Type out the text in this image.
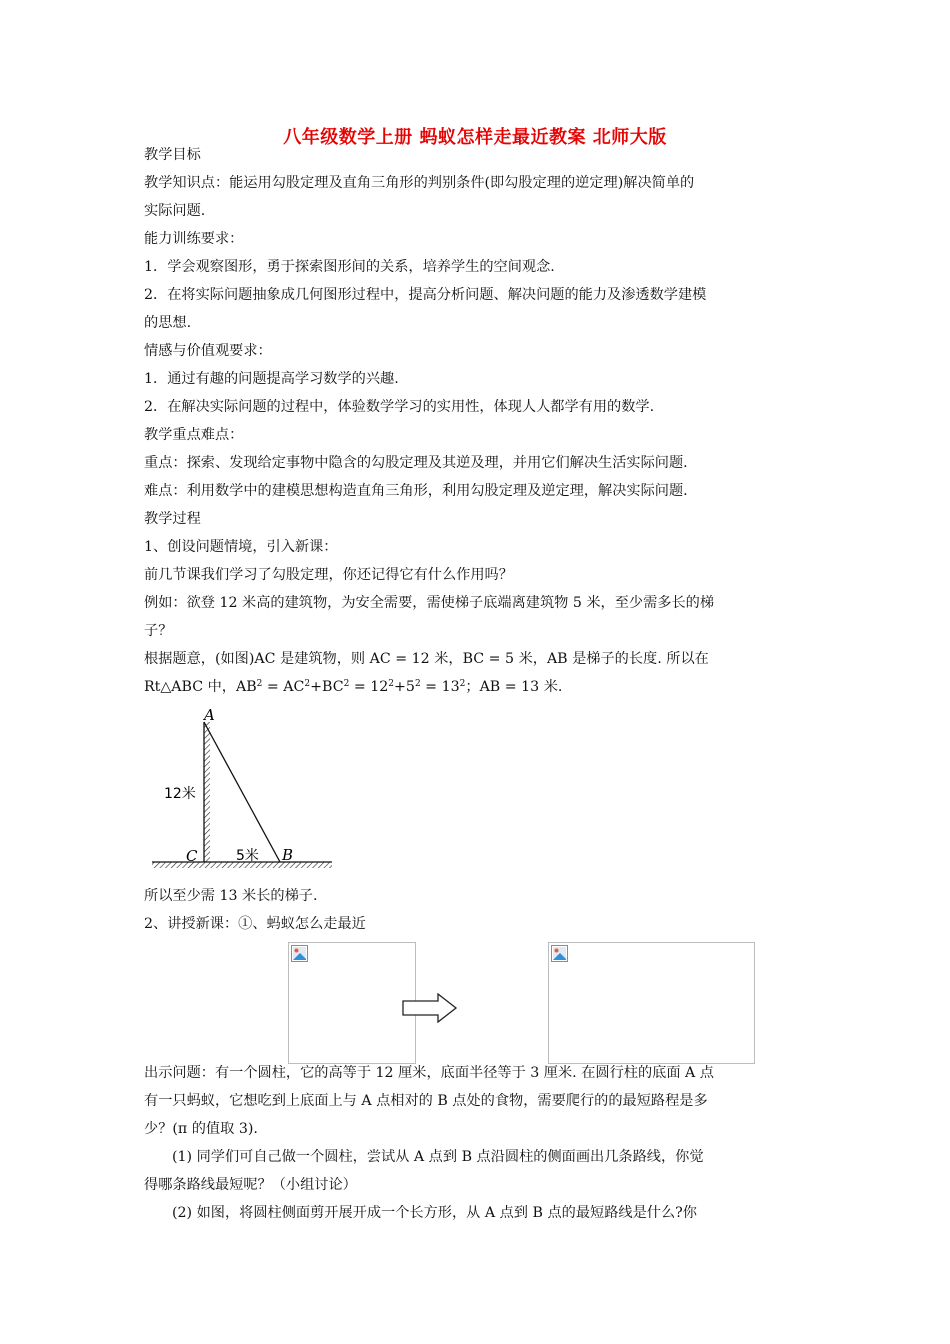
八年级数学上册 蚂蚁怎样走最近教案 北师大版
教学目标
教学知识点：能运用勾股定理及直角三角形的判别条件(即勾股定理的逆定理)解决简单的
实际问题.
能力训练要求：
1．学会观察图形，勇于探索图形间的关系，培养学生的空间观念.
2．在将实际问题抽象成几何图形过程中，提高分析问题、解决问题的能力及渗透数学建模
的思想.
情感与价值观要求：
1．通过有趣的问题提高学习数学的兴趣.
2．在解决实际问题的过程中，体验数学学习的实用性，体现人人都学有用的数学.
教学重点难点：
重点：探索、发现给定事物中隐含的勾股定理及其逆及理，并用它们解决生活实际问题.
难点：利用数学中的建模思想构造直角三角形，利用勾股定理及逆定理，解决实际问题.
教学过程
1、创设问题情境，引入新课：
前几节课我们学习了勾股定理，你还记得它有什么作用吗？
例如：欲登 12 米高的建筑物，为安全需要，需使梯子底端离建筑物 5 米，至少需多长的梯
子？
根据题意，(如图)AC 是建筑物，则 AC = 12 米，BC = 5 米，AB 是梯子的长度. 所以在
Rt△ABC 中，$AB^2 = AC^2+BC^2 = 12^2+5^2 = 13^2$；AB = 13 米.
A
C	B
12米
5米
所以至少需 13 米长的梯子.
2、讲授新课：①、蚂蚁怎么走最近
出示问题：有一个圆柱，它的高等于 12 厘米，底面半径等于 3 厘米. 在圆行柱的底面 A 点
有一只蚂蚁，它想吃到上底面上与 A 点相对的 B 点处的食物，需要爬行的的最短路程是多
少？(π 的值取 3).
(1) 同学们可自己做一个圆柱，尝试从 A 点到 B 点沿圆柱的侧面画出几条路线，你觉
得哪条路线最短呢？（小组讨论）
(2) 如图，将圆柱侧面剪开展开成一个长方形，从 A 点到 B 点的最短路线是什么?你
